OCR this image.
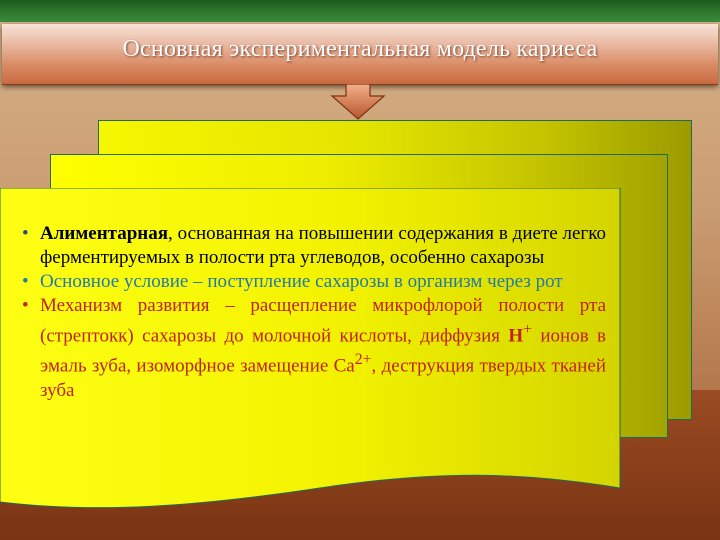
Основная экспериментальная модель кариеса
• Алиментарная, основанная на повышении содержания в диете легко ферментируемых в полости рта углеводов, особенно сахарозы
• Основное условие – поступление сахарозы в организм через рот
• Механизм развития – расщепление микрофлорой полости рта (стрептокк) сахарозы до молочной кислоты, диффузия H+ ионов в эмаль зуба, изоморфное замещение $Ca^{2+}$, деструкция твердых тканей зуба
